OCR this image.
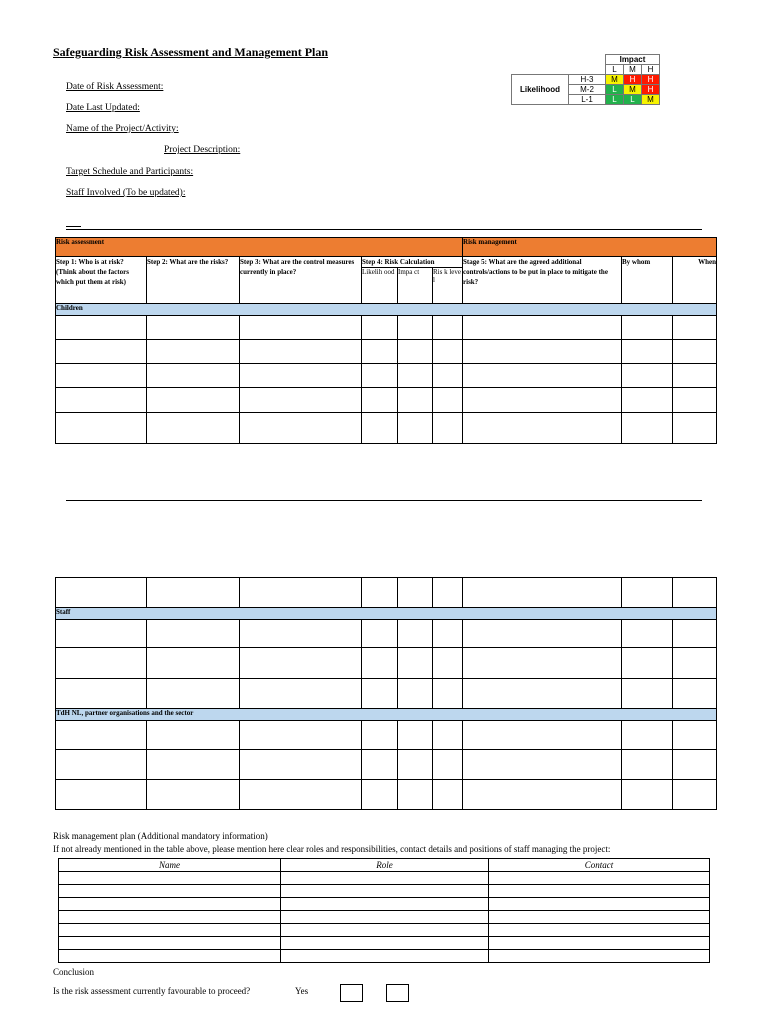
Safeguarding Risk Assessment and Management Plan
Date of Risk Assessment:
Date Last Updated:
Name of the Project/Activity:
Project Description:
Target Schedule and Participants:
Staff Involved (To be updated):
		Impact		
		L	M	H
Likelihood	H-3	M	H	H
	M-2	L	M	H
	L-1	L	L	M
Risk assessment						Risk management		
Step 1: Who is at risk? (Think about the factors which put them at risk)	Step 2: What are the risks?	Step 3: What are the control measures currently in place?	Step 4: Risk Calculation			Stage 5: What are the agreed additional controls/actions to be put in place to mitigate the risk?	By whom	When
			Likelih ood	Impa ct	Ris k leve l			
Children								

Staff								

TdH NL, partner organisations and the sector								

Risk management plan (Additional mandatory information)
If not already mentioned in the table above, please mention here clear roles and responsibilities, contact details and positions of staff managing the project:
Name	Role	Contact

Conclusion
Is the risk assessment currently favourable to proceed?	Yes
